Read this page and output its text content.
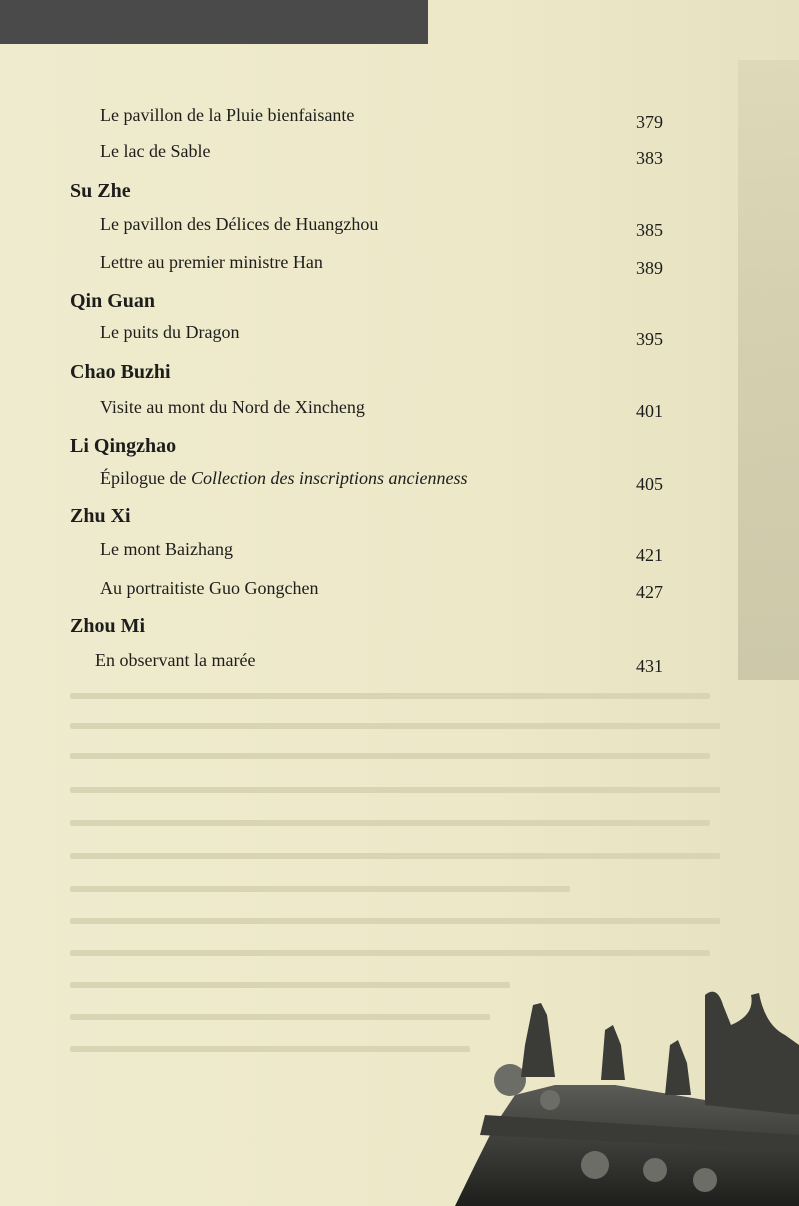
Le pavillon de la Pluie bienfaisante	379
Le lac de Sable	383
Su Zhe
Le pavillon des Délices de Huangzhou	385
Lettre au premier ministre Han	389
Qin Guan
Le puits du Dragon	395
Chao Buzhi
Visite au mont du Nord de Xincheng	401
Li Qingzhao
Épilogue de Collection des inscriptions ancienness	405
Zhu Xi
Le mont Baizhang	421
Au portraitiste Guo Gongchen	427
Zhou Mi
En observant la marée	431
